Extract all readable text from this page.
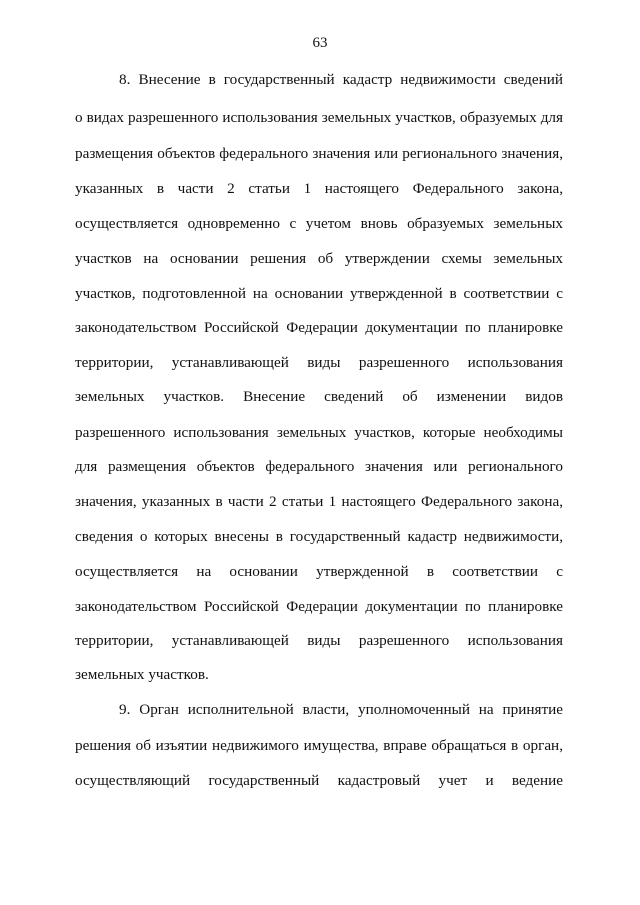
63
8. Внесение в государственный кадастр недвижимости сведений
о видах разрешенного использования земельных участков, образуемых для
размещения объектов федерального значения или регионального значения,
указанных в части 2 статьи 1 настоящего Федерального закона,
осуществляется одновременно с учетом вновь образуемых земельных
участков на основании решения об утверждении схемы земельных
участков, подготовленной на основании утвержденной в соответствии с
законодательством Российской Федерации документации по планировке
территории, устанавливающей виды разрешенного использования
земельных участков. Внесение сведений об изменении видов
разрешенного использования земельных участков, которые необходимы
для размещения объектов федерального значения или регионального
значения, указанных в части 2 статьи 1 настоящего Федерального закона,
сведения о которых внесены в государственный кадастр недвижимости,
осуществляется на основании утвержденной в соответствии с
законодательством Российской Федерации документации по планировке
территории, устанавливающей виды разрешенного использования
земельных участков.
9. Орган исполнительной власти, уполномоченный на принятие
решения об изъятии недвижимого имущества, вправе обращаться в орган,
осуществляющий государственный кадастровый учет и ведение
